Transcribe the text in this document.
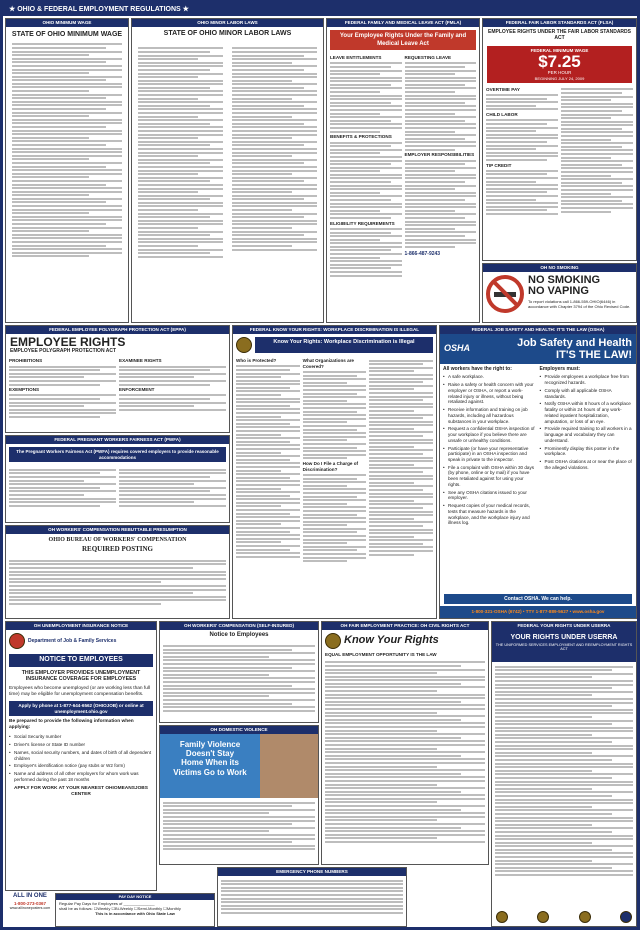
★ OHIO & FEDERAL EMPLOYMENT REGULATIONS ★
OHIO MINIMUM WAGE
STATE OF OHIO MINIMUM WAGE
OHIO MINOR LABOR LAWS
STATE OF OHIO MINOR LABOR LAWS
FEDERAL FAMILY AND MEDICAL LEAVE ACT (FMLA)
Your Employee Rights Under the Family and Medical Leave Act
LEAVE ENTITLEMENTS
BENEFITS & PROTECTIONS
ELIGIBILITY REQUIREMENTS
REQUESTING LEAVE
EMPLOYER RESPONSIBILITIES
1-866-487-9243
FEDERAL FAIR LABOR STANDARDS ACT (FLSA)
EMPLOYEE RIGHTS UNDER THE FAIR LABOR STANDARDS ACT
FEDERAL MINIMUM WAGE
$7.25
PER HOUR
BEGINNING JULY 24, 2009
OVERTIME PAY
CHILD LABOR
TIP CREDIT
OH NO SMOKING
NO SMOKING
NO VAPING
To report violations call 1-866-559-OHIO(6446) in accordance with Chapter 3794 of the Ohio Revised Code.
FEDERAL EMPLOYEE POLYGRAPH PROTECTION ACT (EPPA)
EMPLOYEE RIGHTS
EMPLOYEE POLYGRAPH PROTECTION ACT
PROHIBITIONS
EXEMPTIONS
EXAMINEE RIGHTS
ENFORCEMENT
FEDERAL PREGNANT WORKERS FAIRNESS ACT (PWFA)
The Pregnant Workers Fairness Act (PWFA) requires covered employers to provide reasonable accommodations
OH WORKERS' COMPENSATION REBUTTABLE PRESUMPTION
OHIO BUREAU OF WORKERS' COMPENSATION
REQUIRED POSTING
FEDERAL KNOW YOUR RIGHTS: WORKPLACE DISCRIMINATION IS ILLEGAL
Know Your Rights: Workplace Discrimination is Illegal
Who is Protected?	What Organizations are Covered?
How Do I File a Charge of Discrimination?
FEDERAL JOB SAFETY AND HEALTH: IT'S THE LAW (OSHA)
OSHA	Job Safety and Health
IT'S THE LAW!
All workers have the right to:
• A safe workplace.
• Raise a safety or health concern with your employer or OSHA, or report a work-related injury or illness, without being retaliated against.
• Receive information and training on job hazards, including all hazardous substances in your workplace.
• Request a confidential OSHA inspection of your workplace if you believe there are unsafe or unhealthy conditions.
• Participate (or have your representative participate) in an OSHA inspection and speak in private to the inspector.
• File a complaint with OSHA within 30 days (by phone, online or by mail) if you have been retaliated against for using your rights.
• See any OSHA citations issued to your employer.
• Request copies of your medical records, tests that measure hazards in the workplace, and the workplace injury and illness log.
Employers must:
• Provide employees a workplace free from recognized hazards.
• Comply with all applicable OSHA standards.
• Notify OSHA within 8 hours of a workplace fatality or within 24 hours of any work-related inpatient hospitalization, amputation, or loss of an eye.
• Provide required training to all workers in a language and vocabulary they can understand.
• Prominently display this poster in the workplace.
• Post OSHA citations at or near the place of the alleged violations.
Contact OSHA. We can help.
1-800-321-OSHA (6742) • TTY 1-877-889-5627 • www.osha.gov
OH UNEMPLOYMENT INSURANCE NOTICE
Department of Job & Family Services
NOTICE TO EMPLOYEES
THIS EMPLOYER PROVIDES UNEMPLOYMENT INSURANCE COVERAGE FOR EMPLOYEES
Employees who become unemployed (or are working less than full time) may be eligible for unemployment compensation benefits.
Apply by phone at 1-877-644-6562 (OHIOJOB) or online at unemployment.ohio.gov
Be prepared to provide the following information when applying:
• Social Security number
• Driver's license or State ID number
• Names, social security numbers, and dates of birth of all dependent children
• Employer's identification notice (pay stubs or W2 form)
• Name and address of all other employers for whom work was performed during the past 18 months
APPLY FOR WORK AT YOUR NEAREST OHIOMEANSJOBS CENTER
PAY DAY NOTICE
Regular Pay Days for Employees of ______________
shall be as follows: ☐Weekly ☐Bi-Weekly ☐Semi-Monthly ☐Monthly
This is in accordance with Ohio State Law
ALL IN ONE
1-800-273-0367
www.allinoneposters.com
OH WORKERS' COMPENSATION (SELF-INSURED)
Notice to Employees
OH DOMESTIC VIOLENCE
Family Violence
Doesn't Stay
Home When its
Victims Go to Work
EMERGENCY PHONE NUMBERS
OH FAIR EMPLOYMENT PRACTICE: OH CIVIL RIGHTS ACT
Know Your Rights
EQUAL EMPLOYMENT OPPORTUNITY IS THE LAW
FEDERAL YOUR RIGHTS UNDER USERRA
YOUR RIGHTS UNDER USERRA
THE UNIFORMED SERVICES EMPLOYMENT AND REEMPLOYMENT RIGHTS ACT
